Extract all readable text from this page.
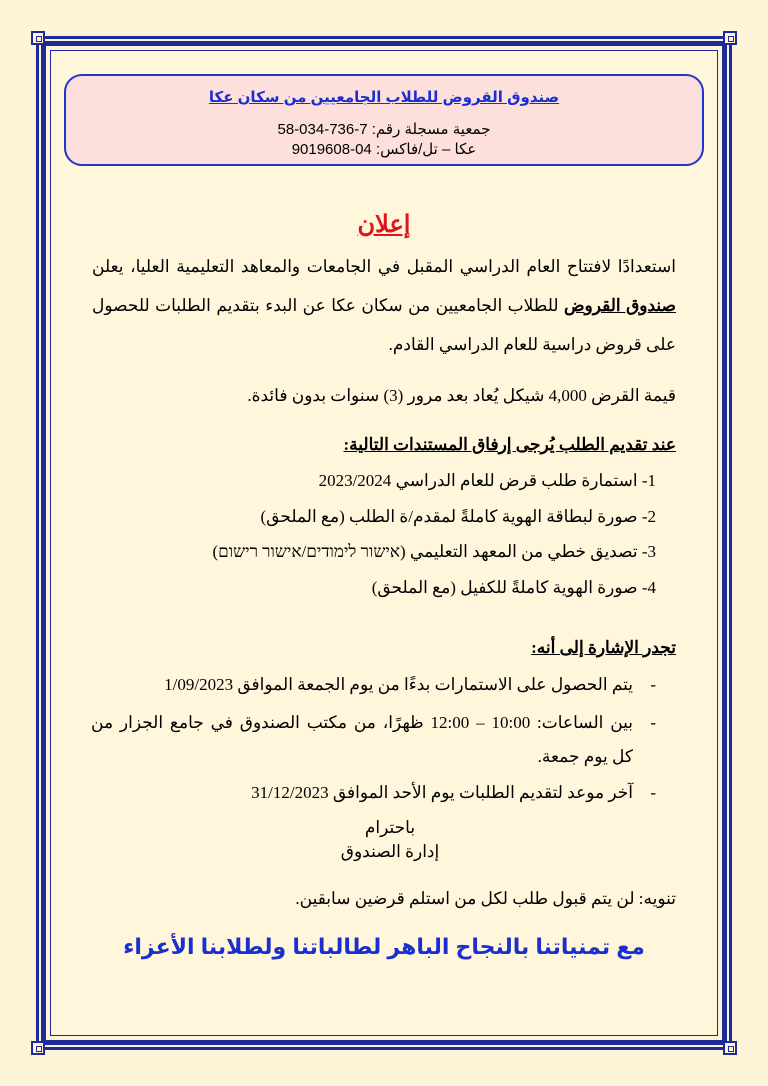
صندوق القروض للطلاب الجامعيين من سكان عكا
جمعية مسجلة رقم: 7-736-034-58
عكا – تل/فاكس: 04-9019608
إعلان
استعدادًا لافتتاح العام الدراسي المقبل في الجامعات والمعاهد التعليمية العليا، يعلن صندوق القروض للطلاب الجامعيين من سكان عكا عن البدء بتقديم الطلبات للحصول على قروض دراسية للعام الدراسي القادم.
قيمة القرض 4,000 شيكل يُعاد بعد مرور (3) سنوات بدون فائدة.
عند تقديم الطلب يُرجى إرفاق المستندات التالية:
1- استمارة طلب قرض للعام الدراسي 2023/2024
2- صورة لبطاقة الهوية كاملةً لمقدم/ة الطلب (مع الملحق)
3- تصديق خطي من المعهد التعليمي (אישור לימודים/אישור רישום)
4- صورة الهوية كاملةً للكفيل (مع الملحق)
تجدر الإشارة إلى أنه:
-
يتم الحصول على الاستمارات بدءًا من يوم الجمعة الموافق 1/09/2023
-
بين الساعات: 10:00 – 12:00 ظهرًا، من مكتب الصندوق في جامع الجزار من
كل يوم جمعة.
-
آخر موعد لتقديم الطلبات يوم الأحد الموافق 31/12/2023
باحترام
إدارة الصندوق
تنويه: لن يتم قبول طلب لكل من استلم قرضين سابقين.
مع تمنياتنا بالنجاح الباهر لطالباتنا ولطلابنا الأعزاء
